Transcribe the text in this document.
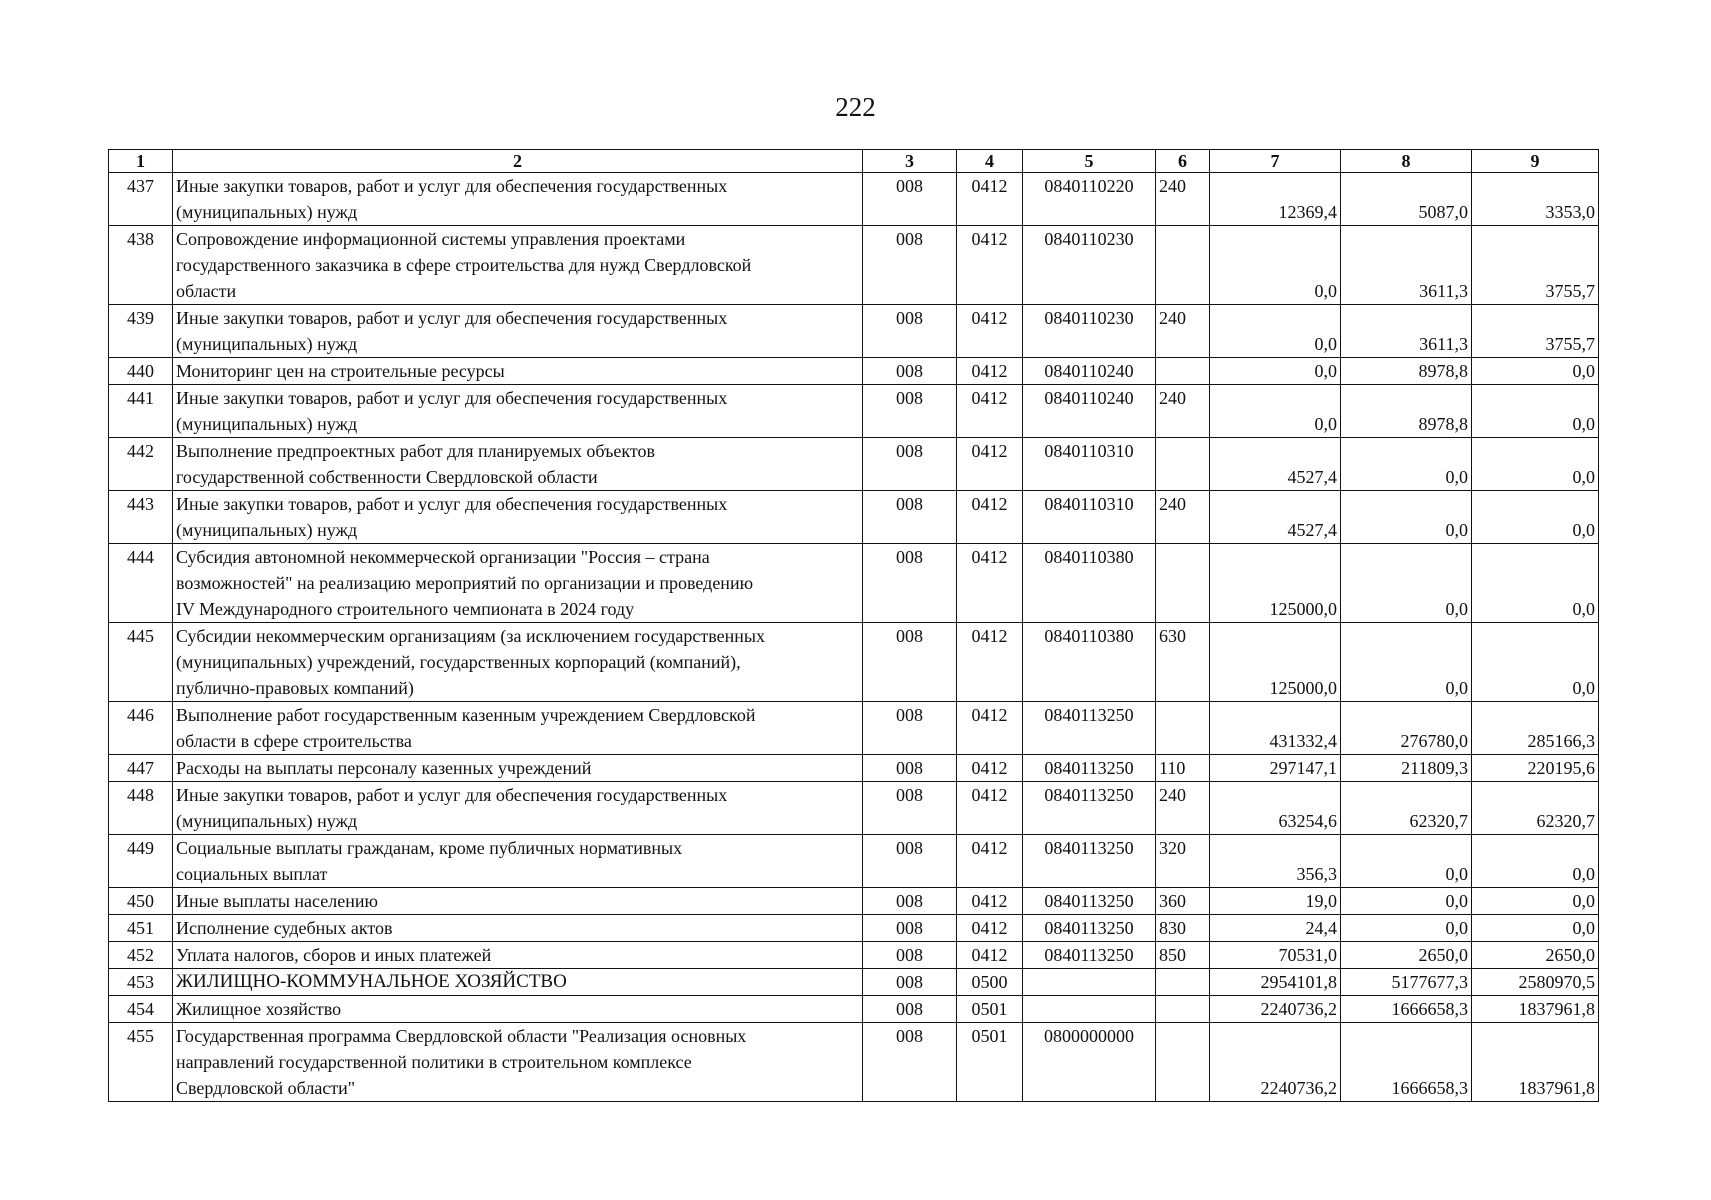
222
1	2	3	4	5	6	7	8	9
437	Иные закупки товаров, работ и услуг для обеспечения государственных
(муниципальных) нужд	008	0412	0840110220	240	12369,4	5087,0	3353,0
438	Сопровождение информационной системы управления проектами
государственного заказчика в сфере строительства для нужд Свердловской
области	008	0412	0840110230		0,0	3611,3	3755,7
439	Иные закупки товаров, работ и услуг для обеспечения государственных
(муниципальных) нужд	008	0412	0840110230	240	0,0	3611,3	3755,7
440	Мониторинг цен на строительные ресурсы	008	0412	0840110240		0,0	8978,8	0,0
441	Иные закупки товаров, работ и услуг для обеспечения государственных
(муниципальных) нужд	008	0412	0840110240	240	0,0	8978,8	0,0
442	Выполнение предпроектных работ для планируемых объектов
государственной собственности Свердловской области	008	0412	0840110310		4527,4	0,0	0,0
443	Иные закупки товаров, работ и услуг для обеспечения государственных
(муниципальных) нужд	008	0412	0840110310	240	4527,4	0,0	0,0
444	Субсидия автономной некоммерческой организации "Россия – страна
возможностей" на реализацию мероприятий по организации и проведению
IV Международного строительного чемпионата в 2024 году	008	0412	0840110380		125000,0	0,0	0,0
445	Субсидии некоммерческим организациям (за исключением государственных
(муниципальных) учреждений, государственных корпораций (компаний),
публично-правовых компаний)	008	0412	0840110380	630	125000,0	0,0	0,0
446	Выполнение работ государственным казенным учреждением Свердловской
области в сфере строительства	008	0412	0840113250		431332,4	276780,0	285166,3
447	Расходы на выплаты персоналу казенных учреждений	008	0412	0840113250	110	297147,1	211809,3	220195,6
448	Иные закупки товаров, работ и услуг для обеспечения государственных
(муниципальных) нужд	008	0412	0840113250	240	63254,6	62320,7	62320,7
449	Социальные выплаты гражданам, кроме публичных нормативных
социальных выплат	008	0412	0840113250	320	356,3	0,0	0,0
450	Иные выплаты населению	008	0412	0840113250	360	19,0	0,0	0,0
451	Исполнение судебных актов	008	0412	0840113250	830	24,4	0,0	0,0
452	Уплата налогов, сборов и иных платежей	008	0412	0840113250	850	70531,0	2650,0	2650,0
453	ЖИЛИЩНО-КОММУНАЛЬНОЕ ХОЗЯЙСТВО	008	0500			2954101,8	5177677,3	2580970,5
454	Жилищное хозяйство	008	0501			2240736,2	1666658,3	1837961,8
455	Государственная программа Свердловской области "Реализация основных
направлений государственной политики в строительном комплексе
Свердловской области"	008	0501	0800000000		2240736,2	1666658,3	1837961,8
